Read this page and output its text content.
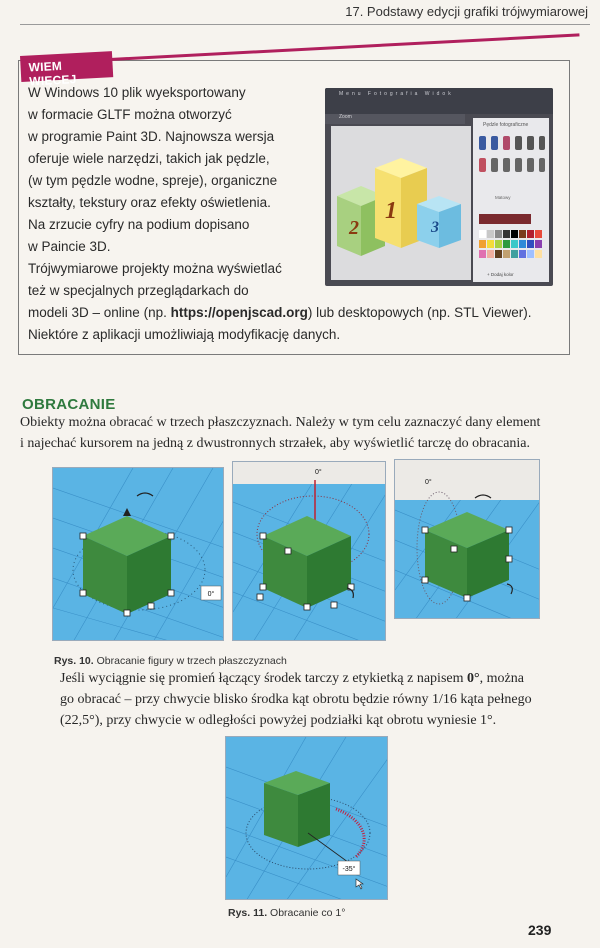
17. Podstawy edycji grafiki trójwymiarowej
WIEM WIĘCEJ
W Windows 10 plik wyeksportowany
w formacie GLTF można otworzyć
w programie Paint 3D. Najnowsza wersja
oferuje wiele narzędzi, takich jak pędzle,
(w tym pędzle wodne, spreje), organiczne
kształty, tekstury oraz efekty oświetlenia.
Na zrzucie cyfry na podium dopisano
w Paincie 3D.
Trójwymiarowe projekty można wyświetlać
też w specjalnych przeglądarkach do
modeli 3D – online (np. https://openjscad.org) lub desktopowych (np. STL Viewer).
Niektóre z aplikacji umożliwiają modyfikację danych.
Menu Fotografia Widok
Zoom
2
1
3
Pędzle fotograficzne
Matowy
+ Dodaj kolor
OBRACANIE
Obiekty można obracać w trzech płaszczyznach. Należy w tym celu zaznaczyć dany element
i najechać kursorem na jedną z dwustronnych strzałek, aby wyświetlić tarczę do obracania.
0°
0°
0°
Rys. 10. Obracanie figury w trzech płaszczyznach
Jeśli wyciągnie się promień łączący środek tarczy z etykietką z napisem 0°, można
go obracać – przy chwycie blisko środka kąt obrotu będzie równy 1/16 kąta pełnego
(22,5°), przy chwycie w odległości powyżej podziałki kąt obrotu wyniesie 1°.
-35°
Rys. 11. Obracanie co 1°
239
